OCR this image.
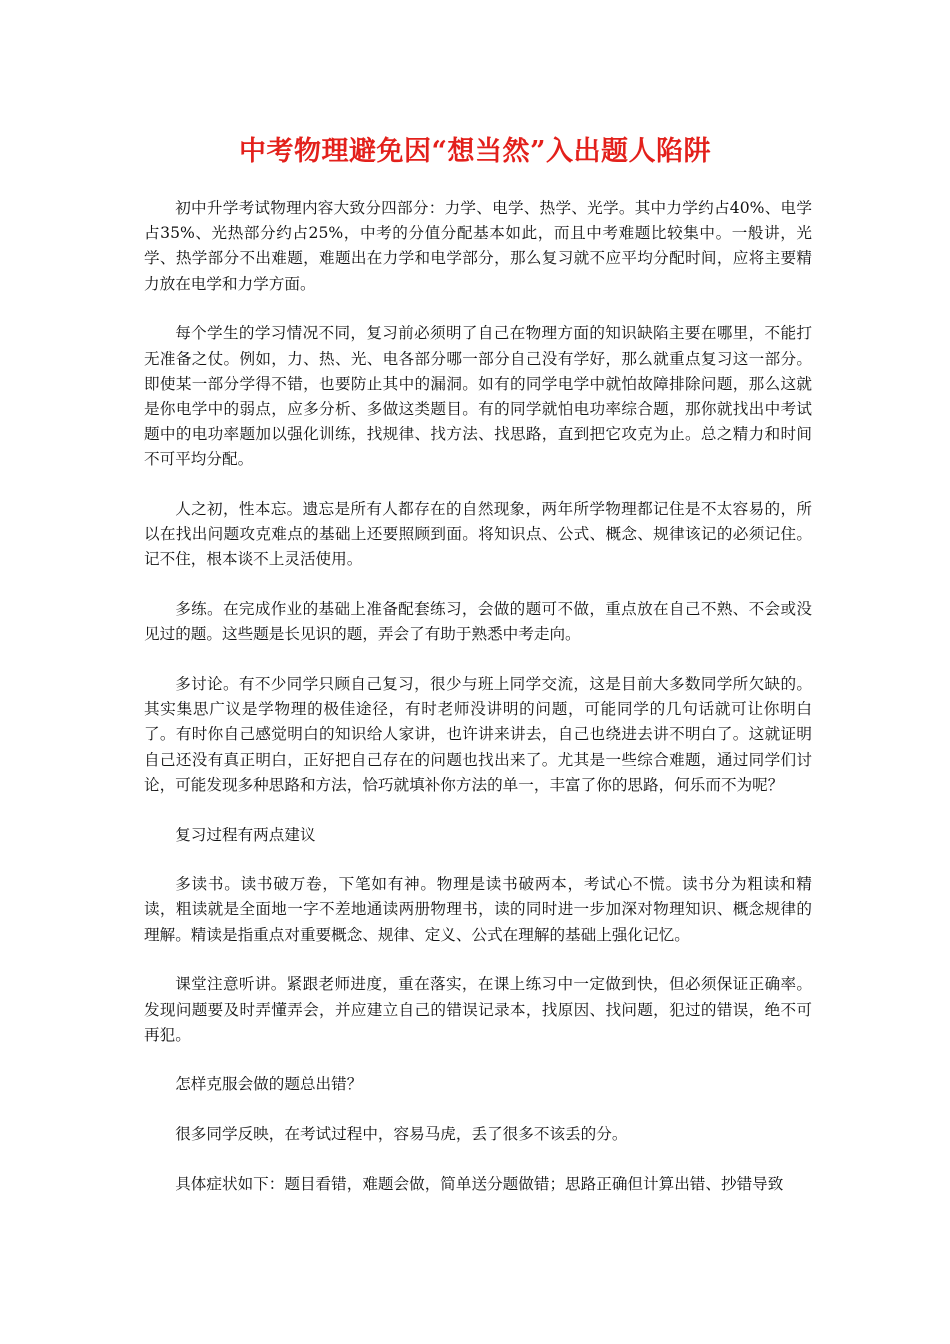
中考物理避免因“想当然”入出题人陷阱

初中升学考试物理内容大致分四部分：力学、电学、热学、光学。其中力学约占40%、电学占35%、光热部分约占25%，中考的分值分配基本如此，而且中考难题比较集中。一般讲，光学、热学部分不出难题，难题出在力学和电学部分，那么复习就不应平均分配时间，应将主要精力放在电学和力学方面。

每个学生的学习情况不同，复习前必须明了自己在物理方面的知识缺陷主要在哪里，不能打无准备之仗。例如，力、热、光、电各部分哪一部分自己没有学好，那么就重点复习这一部分。即使某一部分学得不错，也要防止其中的漏洞。如有的同学电学中就怕故障排除问题，那么这就是你电学中的弱点，应多分析、多做这类题目。有的同学就怕电功率综合题，那你就找出中考试题中的电功率题加以强化训练，找规律、找方法、找思路，直到把它攻克为止。总之精力和时间不可平均分配。

人之初，性本忘。遗忘是所有人都存在的自然现象，两年所学物理都记住是不太容易的，所以在找出问题攻克难点的基础上还要照顾到面。将知识点、公式、概念、规律该记的必须记住。记不住，根本谈不上灵活使用。

多练。在完成作业的基础上准备配套练习，会做的题可不做，重点放在自己不熟、不会或没见过的题。这些题是长见识的题，弄会了有助于熟悉中考走向。

多讨论。有不少同学只顾自己复习，很少与班上同学交流，这是目前大多数同学所欠缺的。其实集思广议是学物理的极佳途径，有时老师没讲明的问题，可能同学的几句话就可让你明白了。有时你自己感觉明白的知识给人家讲，也许讲来讲去，自己也绕进去讲不明白了。这就证明自己还没有真正明白，正好把自己存在的问题也找出来了。尤其是一些综合难题，通过同学们讨论，可能发现多种思路和方法，恰巧就填补你方法的单一，丰富了你的思路，何乐而不为呢？

复习过程有两点建议

多读书。读书破万卷，下笔如有神。物理是读书破两本，考试心不慌。读书分为粗读和精读，粗读就是全面地一字不差地通读两册物理书，读的同时进一步加深对物理知识、概念规律的理解。精读是指重点对重要概念、规律、定义、公式在理解的基础上强化记忆。

课堂注意听讲。紧跟老师进度，重在落实，在课上练习中一定做到快，但必须保证正确率。发现问题要及时弄懂弄会，并应建立自己的错误记录本，找原因、找问题，犯过的错误，绝不可再犯。

怎样克服会做的题总出错？

很多同学反映，在考试过程中，容易马虎，丢了很多不该丢的分。

具体症状如下：题目看错，难题会做，简单送分题做错；思路正确但计算出错、抄错导致
